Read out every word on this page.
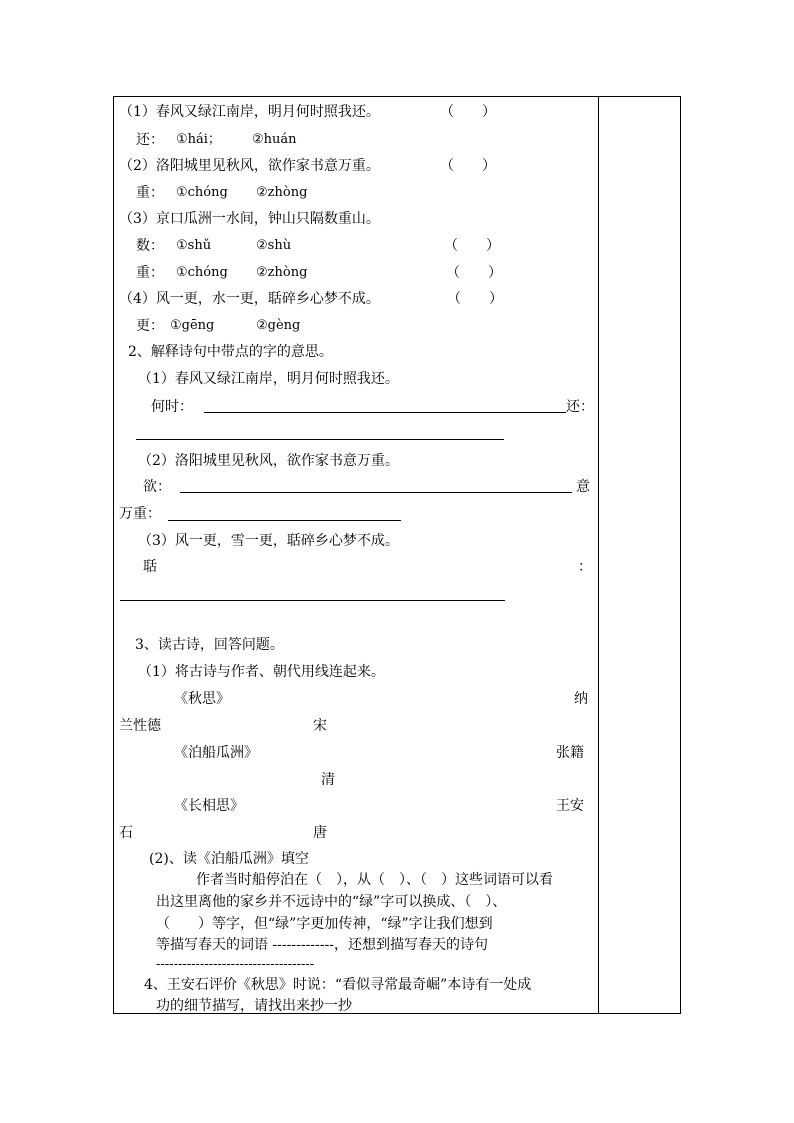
（1）春风又绿江南岸，明月何时照我还。	（　　）
还： ①hái； ②huán
（2）洛阳城里见秋风，欲作家书意万重。	（　　）
重： ①chóng ②zhòng
（3）京口瓜洲一水间，钟山只隔数重山。
数： ①shǔ	②shù	（　　）
重： ①chóng ②zhòng	（　　）
（4）风一更，水一更，聒碎乡心梦不成。	（　　）
更： ①gēng	②gèng
2、解释诗句中带点的字的意思。
（1）春风又绿江南岸，明月何时照我还。
何时：	还：
（2）洛阳城里见秋风，欲作家书意万重。
欲：	意
万重：
（3）风一更，雪一更，聒碎乡心梦不成。
聒	：
3、读古诗，回答问题。
（1）将古诗与作者、朝代用线连起来。
《秋思》	纳
兰性德	宋
《泊船瓜洲》	张籍
清
《长相思》	王安
石	唐
(2)、读《泊船瓜洲》填空
作者当时船停泊在（　），从（　）、（　）这些词语可以看
出这里离他的家乡并不远诗中的“绿”字可以换成、（　）、
（　　）等字，但“绿”字更加传神，“绿”字让我们想到
等描写春天的词语 -------------，还想到描写春天的诗句
------------------------------------
4、王安石评价《秋思》时说：“看似寻常最奇崛”本诗有一处成
功的细节描写，请找出来抄一抄
